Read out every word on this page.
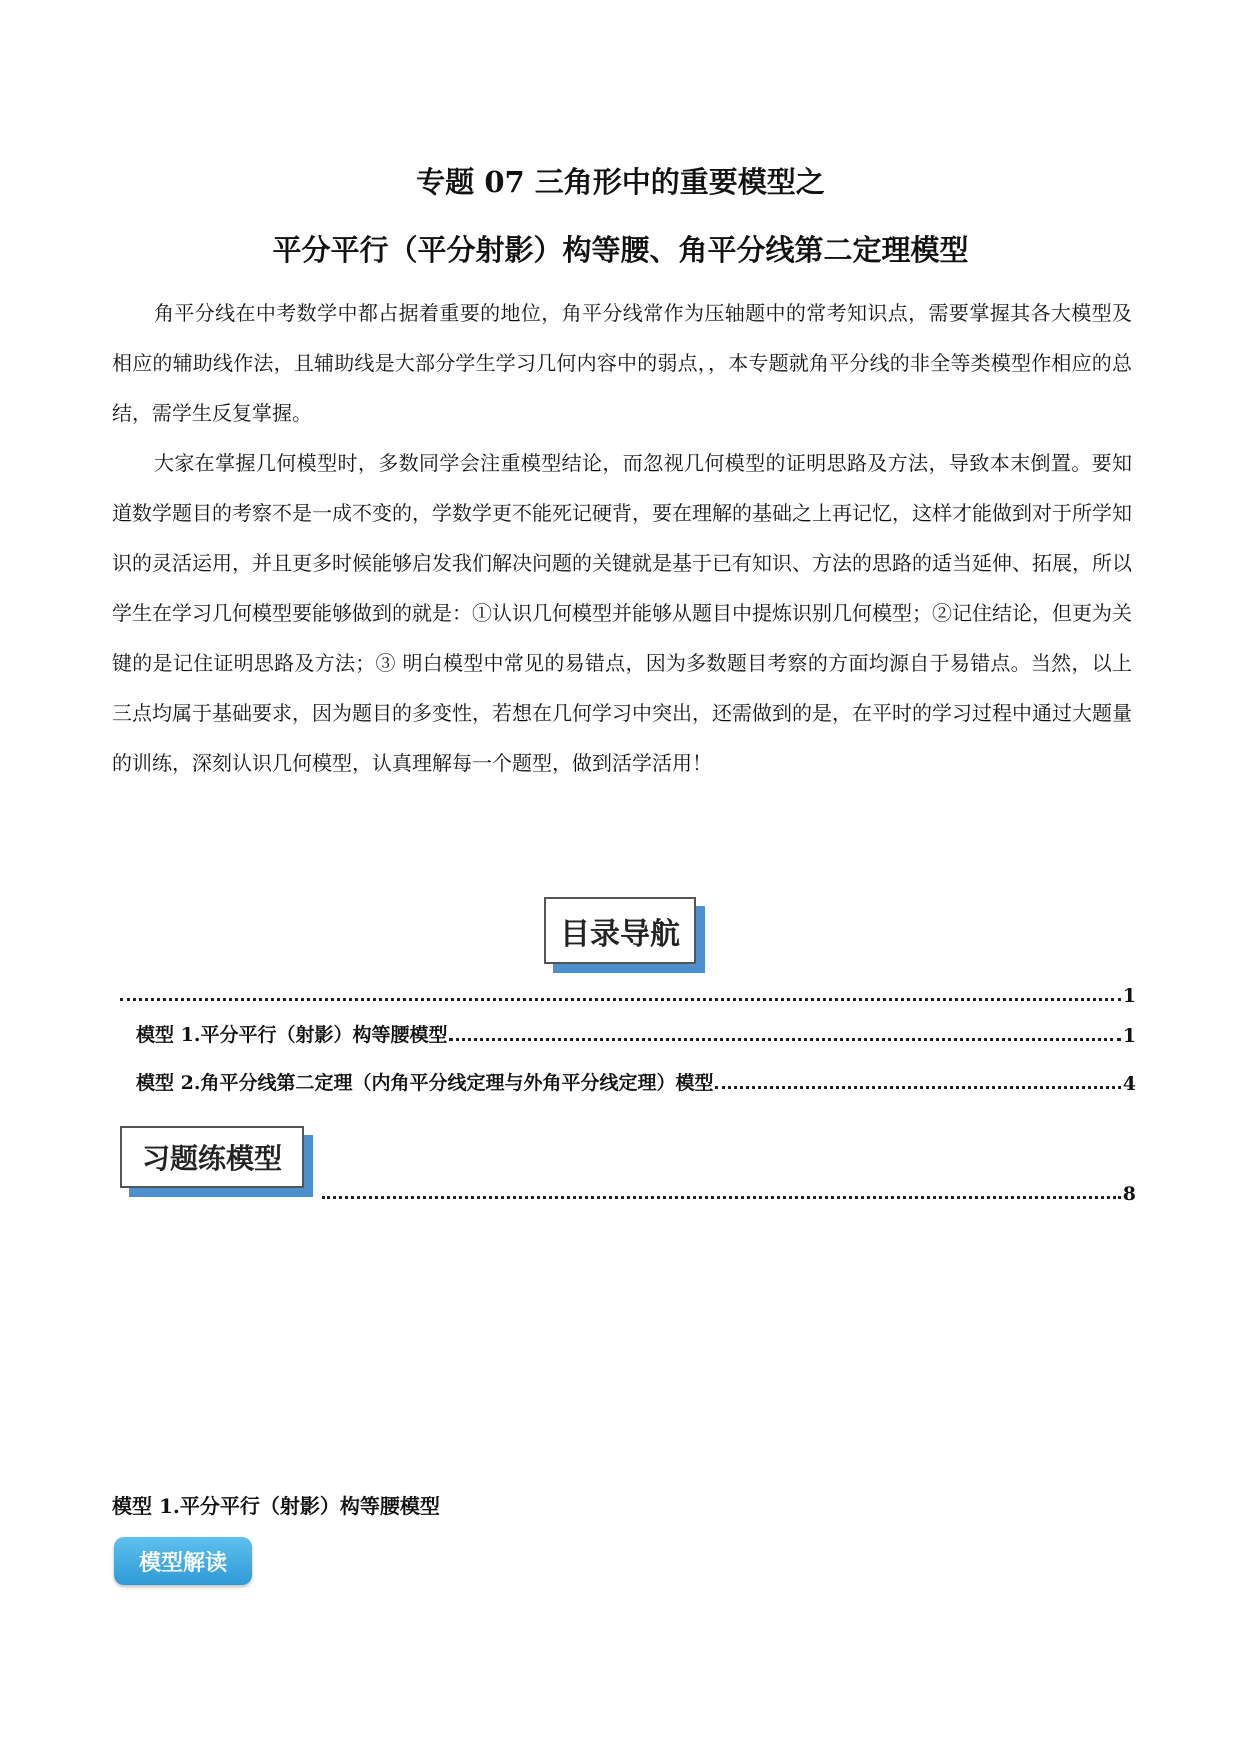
专题 07 三角形中的重要模型之
平分平行（平分射影）构等腰、角平分线第二定理模型

角平分线在中考数学中都占据着重要的地位，角平分线常作为压轴题中的常考知识点，需要掌握其各大模型及相应的辅助线作法，且辅助线是大部分学生学习几何内容中的弱点，，本专题就角平分线的非全等类模型作相应的总结，需学生反复掌握。

大家在掌握几何模型时，多数同学会注重模型结论，而忽视几何模型的证明思路及方法，导致本末倒置。要知道数学题目的考察不是一成不变的，学数学更不能死记硬背，要在理解的基础之上再记忆，这样才能做到对于所学知识的灵活运用，并且更多时候能够启发我们解决问题的关键就是基于已有知识、方法的思路的适当延伸、拓展，所以学生在学习几何模型要能够做到的就是：①认识几何模型并能够从题目中提炼识别几何模型；②记住结论，但更为关键的是记住证明思路及方法；③ 明白模型中常见的易错点，因为多数题目考察的方面均源自于易错点。当然，以上三点均属于基础要求，因为题目的多变性，若想在几何学习中突出，还需做到的是，在平时的学习过程中通过大题量的训练，深刻认识几何模型，认真理解每一个题型，做到活学活用！

目录导航
1
模型 1.平分平行（射影）构等腰模型	1
模型 2.角平分线第二定理（内角平分线定理与外角平分线定理）模型	4
习题练模型
8
模型 1.平分平行（射影）构等腰模型
模型解读
